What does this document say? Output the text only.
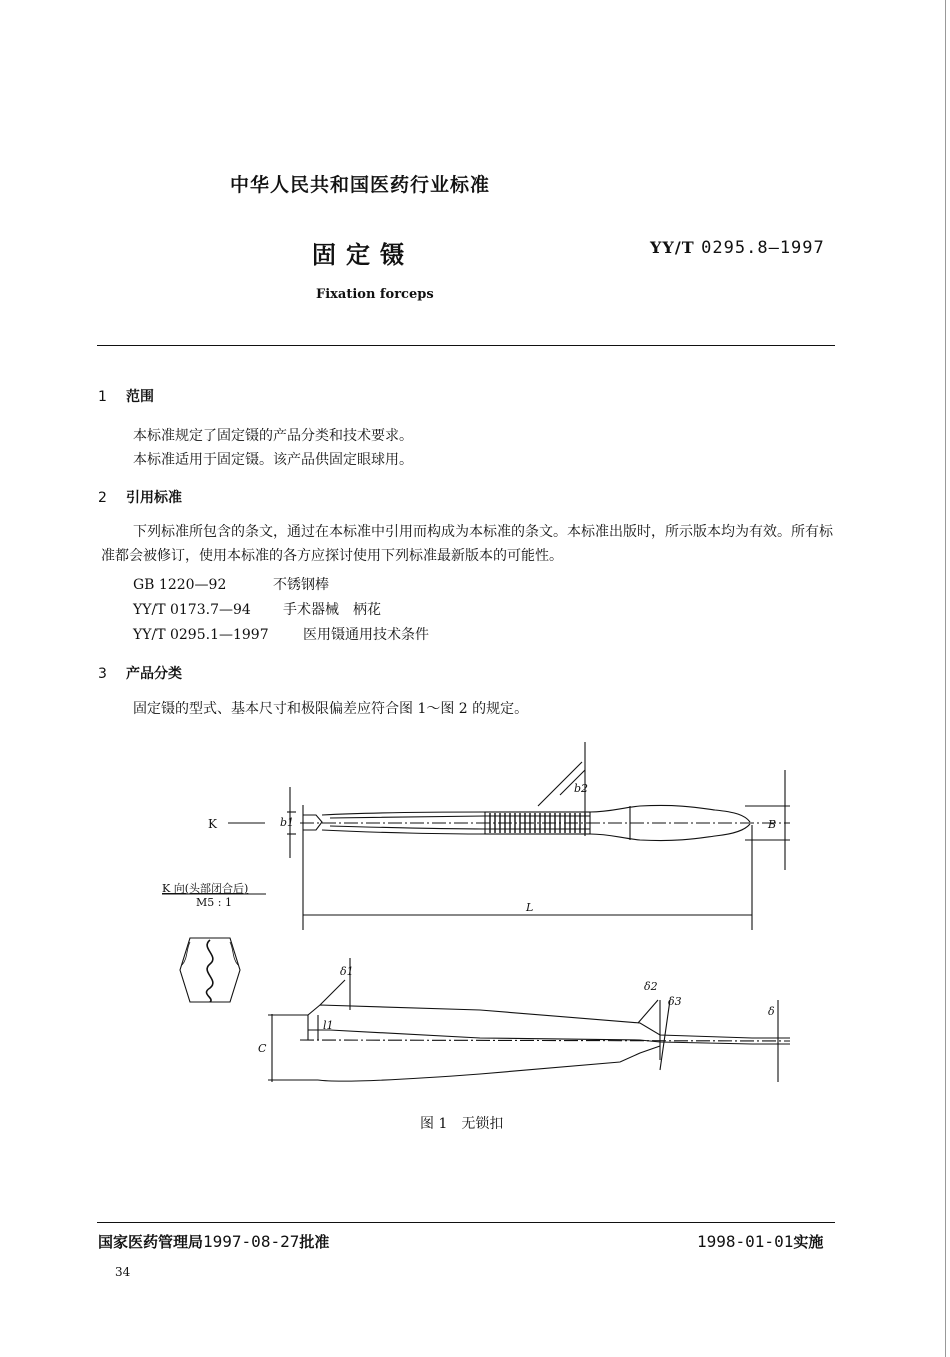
中华人民共和国医药行业标准
固定镊	YY/T 0295.8—1997
Fixation forceps
1 范围
本标准规定了固定镊的产品分类和技术要求。
本标准适用于固定镊。该产品供固定眼球用。
2 引用标准
下列标准所包含的条文，通过在本标准中引用而构成为本标准的条文。本标准出版时，所示版本均为有效。所有标准都会被修订，使用本标准的各方应探讨使用下列标准最新版本的可能性。
GB 1220—92	不锈钢棒
YY/T 0173.7—94 手术器械　柄花
YY/T 0295.1—1997 医用镊通用技术条件
3 产品分类
固定镊的型式、基本尺寸和极限偏差应符合图 1～图 2 的规定。
K	b1
b2
B
L
K 向(头部闭合后)
M5 : 1
δ1
δ2
δ3
δ
l1
C
图 1　无锁扣
国家医药管理局1997-08-27批准	1998-01-01实施
34
